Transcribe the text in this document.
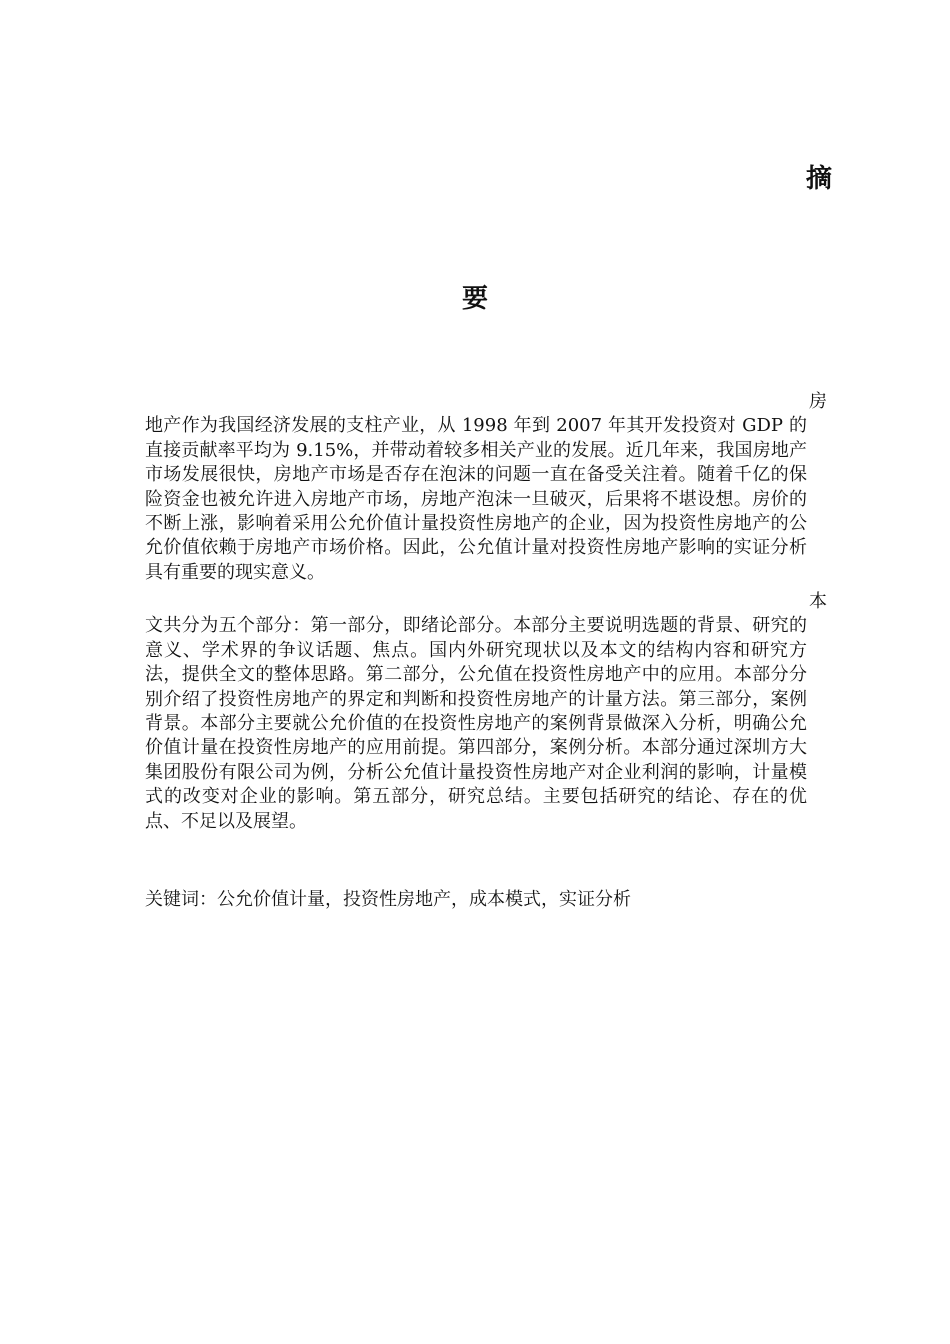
摘
要
房
地产作为我国经济发展的支柱产业，从 1998 年到 2007 年其开发投资对 GDP 的直接贡献率平均为 9.15%，并带动着较多相关产业的发展。近几年来，我国房地产市场发展很快，房地产市场是否存在泡沫的问题一直在备受关注着。随着千亿的保险资金也被允许进入房地产市场，房地产泡沫一旦破灭，后果将不堪设想。房价的不断上涨，影响着采用公允价值计量投资性房地产的企业，因为投资性房地产的公允价值依赖于房地产市场价格。因此，公允值计量对投资性房地产影响的实证分析具有重要的现实意义。
本
文共分为五个部分：第一部分，即绪论部分。本部分主要说明选题的背景、研究的意义、学术界的争议话题、焦点。国内外研究现状以及本文的结构内容和研究方法，提供全文的整体思路。第二部分，公允值在投资性房地产中的应用。本部分分别介绍了投资性房地产的界定和判断和投资性房地产的计量方法。第三部分，案例背景。本部分主要就公允价值的在投资性房地产的案例背景做深入分析，明确公允价值计量在投资性房地产的应用前提。第四部分，案例分析。本部分通过深圳方大集团股份有限公司为例，分析公允值计量投资性房地产对企业利润的影响，计量模式的改变对企业的影响。第五部分，研究总结。主要包括研究的结论、存在的优点、不足以及展望。
关键词：公允价值计量，投资性房地产，成本模式，实证分析
